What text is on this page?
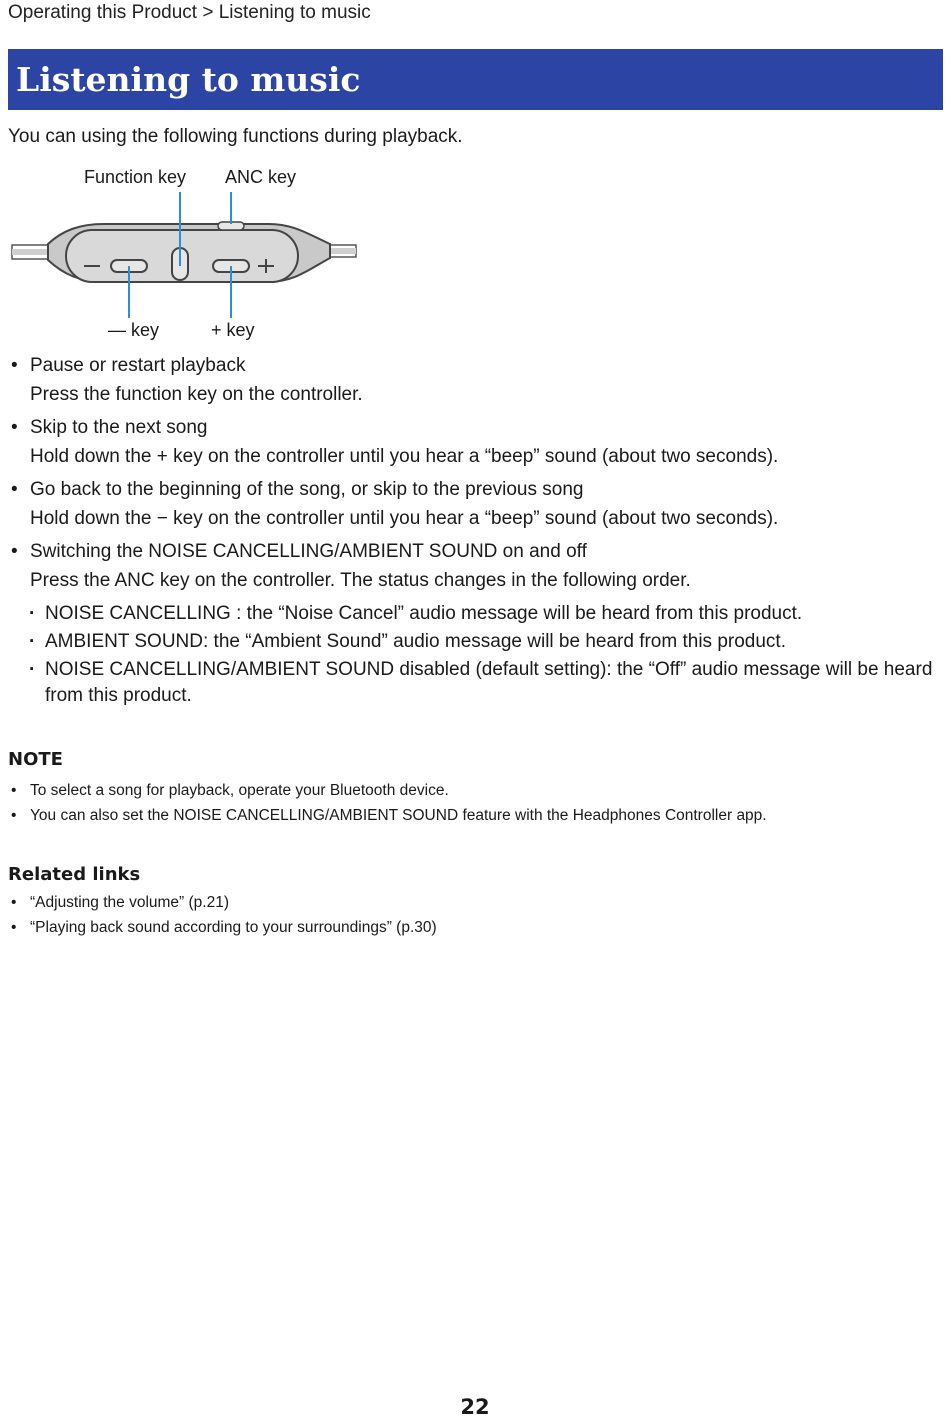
Operating this Product > Listening to music
Listening to music
You can using the following functions during playback.
Function key ANC key
— key	+ key
• Pause or restart playback
Press the function key on the controller.
• Skip to the next song
Hold down the + key on the controller until you hear a “beep” sound (about two seconds).
• Go back to the beginning of the song, or skip to the previous song
Hold down the − key on the controller until you hear a “beep” sound (about two seconds).
• Switching the NOISE CANCELLING/AMBIENT SOUND on and off
Press the ANC key on the controller. The status changes in the following order.
· NOISE CANCELLING : the “Noise Cancel” audio message will be heard from this product.
· AMBIENT SOUND: the “Ambient Sound” audio message will be heard from this product.
· NOISE CANCELLING/AMBIENT SOUND disabled (default setting): the “Off” audio message will be heard from this product.
NOTE
• To select a song for playback, operate your Bluetooth device.
• You can also set the NOISE CANCELLING/AMBIENT SOUND feature with the Headphones Controller app.
Related links
• “Adjusting the volume” (p.21)
• “Playing back sound according to your surroundings” (p.30)
22
